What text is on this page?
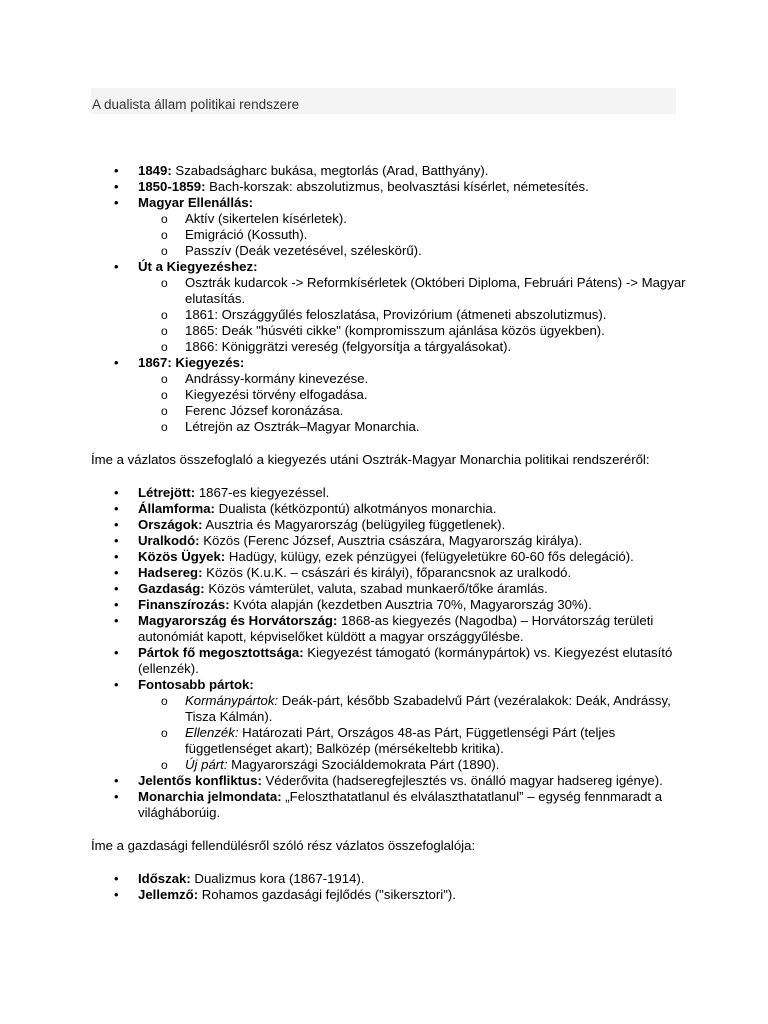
A dualista állam politikai rendszere
• 1849: Szabadságharc bukása, megtorlás (Arad, Batthyány).
• 1850-1859: Bach-korszak: abszolutizmus, beolvasztási kísérlet, németesítés.
• Magyar Ellenállás:
o Aktív (sikertelen kísérletek).
o Emigráció (Kossuth).
o Passzív (Deák vezetésével, széleskörű).
• Út a Kiegyezéshez:
o Osztrák kudarcok -> Reformkísérletek (Októberi Diploma, Februári Pátens) -> Magyar elutasítás.
o 1861: Országgyűlés feloszlatása, Provizórium (átmeneti abszolutizmus).
o 1865: Deák "húsvéti cikke" (kompromisszum ajánlása közös ügyekben).
o 1866: Königgrätzi vereség (felgyorsítja a tárgyalásokat).
• 1867: Kiegyezés:
o Andrássy-kormány kinevezése.
o Kiegyezési törvény elfogadása.
o Ferenc József koronázása.
o Létrejön az Osztrák–Magyar Monarchia.

Íme a vázlatos összefoglaló a kiegyezés utáni Osztrák-Magyar Monarchia politikai rendszeréről:

• Létrejött: 1867-es kiegyezéssel.
• Államforma: Dualista (kétközpontú) alkotmányos monarchia.
• Országok: Ausztria és Magyarország (belügyileg függetlenek).
• Uralkodó: Közös (Ferenc József, Ausztria császára, Magyarország királya).
• Közös Ügyek: Hadügy, külügy, ezek pénzügyei (felügyeletükre 60-60 fős delegáció).
• Hadsereg: Közös (K.u.K. – császári és királyi), főparancsnok az uralkodó.
• Gazdaság: Közös vámterület, valuta, szabad munkaerő/tőke áramlás.
• Finanszírozás: Kvóta alapján (kezdetben Ausztria 70%, Magyarország 30%).
• Magyarország és Horvátország: 1868-as kiegyezés (Nagodba) – Horvátország területi autonómiát kapott, képviselőket küldött a magyar országgyűlésbe.
• Pártok fő megosztottsága: Kiegyezést támogató (kormánypártok) vs. Kiegyezést elutasító (ellenzék).
• Fontosabb pártok:
o Kormánypártok: Deák-párt, később Szabadelvű Párt (vezéralakok: Deák, Andrássy, Tisza Kálmán).
o Ellenzék: Határozati Párt, Országos 48-as Párt, Függetlenségi Párt (teljes függetlenséget akart); Balközép (mérsékeltebb kritika).
o Új párt: Magyarországi Szociáldemokrata Párt (1890).
• Jelentős konfliktus: Véderővita (hadseregfejlesztés vs. önálló magyar hadsereg igénye).
• Monarchia jelmondata: „Feloszthatatlanul és elválaszthatatlanul” – egység fennmaradt a világháborúig.

Íme a gazdasági fellendülésről szóló rész vázlatos összefoglalója:

• Időszak: Dualizmus kora (1867-1914).
• Jellemző: Rohamos gazdasági fejlődés ("sikersztori").
